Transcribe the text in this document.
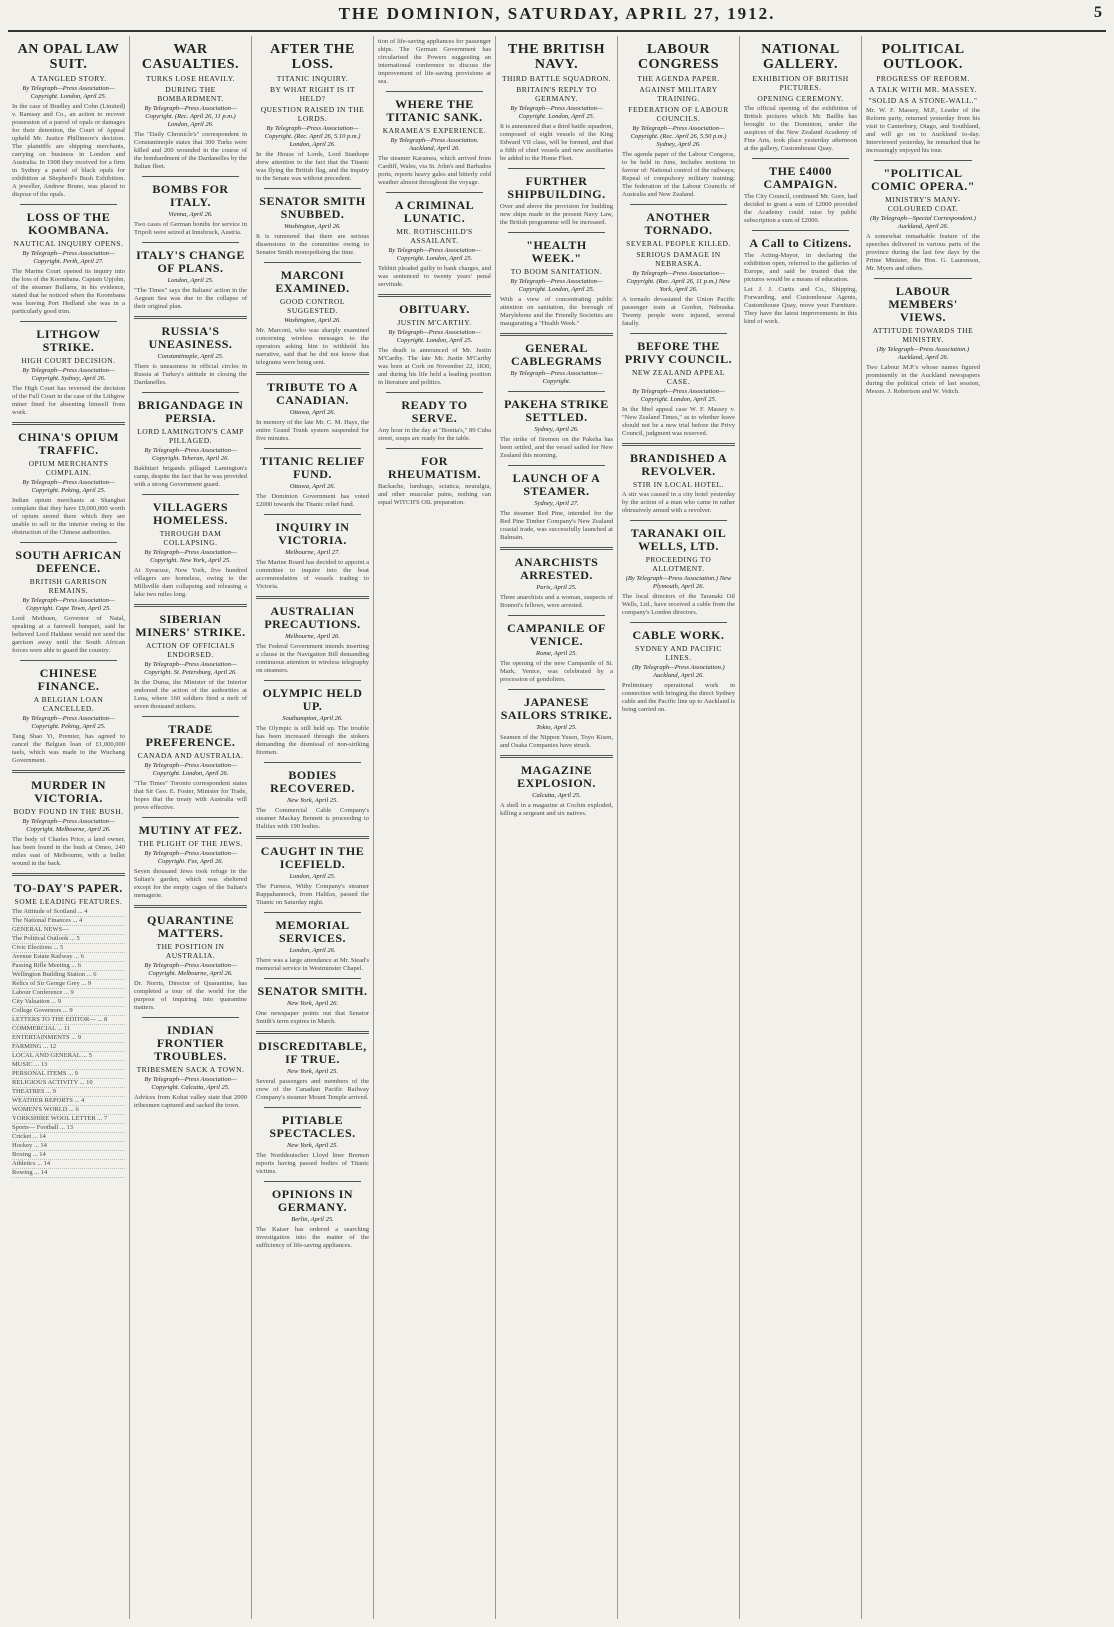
THE DOMINION, SATURDAY, APRIL 27, 1912.	5
AN OPAL LAW SUIT.
A TANGLED STORY.
By Telegraph—Press Association—Copyright. London, April 25.
In the case of Bradley and Cohn (Limited) v. Ramsay and Co., an action to recover possession of a parcel of opals or damages for their detention, the Court of Appeal upheld Mr. Justice Phillimore's decision. The plaintiffs are shipping merchants, carrying on business in London and Australia. In 1908 they received for a firm in Sydney a parcel of black opals for exhibition at Shepherd's Bush Exhibition. A jeweller, Andrew Bruno, was placed to dispose of the opals.
LOSS OF THE KOOMBANA.
NAUTICAL INQUIRY OPENS.
By Telegraph—Press Association—Copyright. Perth, April 27.
The Marine Court opened its inquiry into the loss of the Koombana. Captain Upjohn, of the steamer Bullarra, in his evidence, stated that he noticed when the Koombana was leaving Port Hedland she was in a particularly good trim.
LITHGOW STRIKE.
HIGH COURT DECISION.
By Telegraph—Press Association—Copyright. Sydney, April 26.
The High Court has reversed the decision of the Full Court in the case of the Lithgow miner fined for absenting himself from work.
CHINA'S OPIUM TRAFFIC.
OPIUM MERCHANTS COMPLAIN.
By Telegraph—Press Association—Copyright. Peking, April 25.
Indian opium merchants at Shanghai complain that they have £9,000,000 worth of opium stored there which they are unable to sell in the interior owing to the obstruction of the Chinese authorities.
SOUTH AFRICAN DEFENCE.
BRITISH GARRISON REMAINS.
By Telegraph—Press Association—Copyright. Cape Town, April 25.
Lord Methuen, Governor of Natal, speaking at a farewell banquet, said he believed Lord Haldane would not send the garrison away until the South African forces were able to guard the country.
CHINESE FINANCE.
A BELGIAN LOAN CANCELLED.
By Telegraph—Press Association—Copyright. Peking, April 25.
Tang Shao Yi, Premier, has agreed to cancel the Belgian loan of £1,000,000 taels, which was made to the Wuchang Government.
MURDER IN VICTORIA.
BODY FOUND IN THE BUSH.
By Telegraph—Press Association—Copyright. Melbourne, April 26.
The body of Charles Price, a land owner, has been found in the bush at Omeo, 240 miles east of Melbourne, with a bullet wound in the back.
TO-DAY'S PAPER.
SOME LEADING FEATURES.
The Attitude of Scotland ... 4
The National Finances ... 4
GENERAL NEWS—
The Political Outlook ... 5
Civic Elections ... 5
Avenue Estate Railway ... 6
Passing Rifle Meeting ... 6
Wellington Building Station ... 6
Relics of Sir George Grey ... 9
Labour Conference ... 9
City Valuation ... 9
College Governors ... 9
LETTERS TO THE EDITOR— ... 8
COMMERCIAL ... 11
ENTERTAINMENTS ... 9
FARMING ... 12
LOCAL AND GENERAL ... 5
MUSIC ... 13
PERSONAL ITEMS ... 9
RELIGIOUS ACTIVITY ... 10
THEATRES ... 9
WEATHER REPORTS ... 4
WOMEN'S WORLD ... 6
YORKSHIRE WOOL LETTER ... 7
Sports— Football ... 13
Cricket ... 14
Hockey ... 14
Boxing ... 14
Athletics ... 14
Rowing ... 14
WAR CASUALTIES.
TURKS LOSE HEAVILY.
DURING THE BOMBARDMENT.
By Telegraph—Press Association—Copyright. (Rec. April 26, 11 p.m.) London, April 26.
The "Daily Chronicle's" correspondent in Constantinople states that 300 Turks were killed and 200 wounded in the course of the bombardment of the Dardanelles by the Italian fleet.
BOMBS FOR ITALY.
Vienna, April 26.
Two cases of German bombs for service in Tripoli were seized at Innsbruck, Austria.
ITALY'S CHANGE OF PLANS.
London, April 25.
"The Times" says the Italians' action in the Aegean Sea was due to the collapse of their original plan.
RUSSIA'S UNEASINESS.
Constantinople, April 25.
There is uneasiness in official circles in Russia at Turkey's attitude in closing the Dardanelles.
BRIGANDAGE IN PERSIA.
LORD LAMINGTON'S CAMP PILLAGED.
By Telegraph—Press Association—Copyright. Teheran, April 26.
Bakhtiari brigands pillaged Lamington's camp, despite the fact that he was provided with a strong Government guard.
VILLAGERS HOMELESS.
THROUGH DAM COLLAPSING.
By Telegraph—Press Association—Copyright. New York, April 25.
At Syracuse, New York, five hundred villagers are homeless, owing to the Millsville dam collapsing and releasing a lake two miles long.
SIBERIAN MINERS' STRIKE.
ACTION OF OFFICIALS ENDORSED.
By Telegraph—Press Association—Copyright. St. Petersburg, April 26.
In the Duma, the Minister of the Interior endorsed the action of the authorities at Lena, where 160 soldiers fired a mob of seven thousand strikers.
TRADE PREFERENCE.
CANADA AND AUSTRALIA.
By Telegraph—Press Association—Copyright. London, April 26.
"The Times" Toronto correspondent states that Sir Geo. E. Foster, Minister for Trade, hopes that the treaty with Australia will prove effective.
MUTINY AT FEZ.
THE PLIGHT OF THE JEWS.
By Telegraph—Press Association—Copyright. Fez, April 26.
Seven thousand Jews took refuge in the Sultan's garden, which was sheltered except for the empty cages of the Sultan's menagerie.
QUARANTINE MATTERS.
THE POSITION IN AUSTRALIA.
By Telegraph—Press Association—Copyright. Melbourne, April 26.
Dr. Norris, Director of Quarantine, has completed a tour of the world for the purpose of inquiring into quarantine matters.
INDIAN FRONTIER TROUBLES.
TRIBESMEN SACK A TOWN.
By Telegraph—Press Association—Copyright. Calcutta, April 25.
Advices from Kohat valley state that 2000 tribesmen captured and sacked the town.
AFTER THE LOSS.
TITANIC INQUIRY.
BY WHAT RIGHT IS IT HELD?
QUESTION RAISED IN THE LORDS.
By Telegraph—Press Association—Copyright. (Rec. April 26, 5.10 p.m.) London, April 26.
In the House of Lords, Lord Stanhope drew attention to the fact that the Titanic was flying the British flag, and the inquiry in the Senate was without precedent.
SENATOR SMITH SNUBBED.
Washington, April 26.
It is rumoured that there are serious dissensions in the committee owing to Senator Smith monopolising the time.
MARCONI EXAMINED.
GOOD CONTROL SUGGESTED.
Washington, April 26.
Mr. Marconi, who was sharply examined concerning wireless messages to the operators asking him to withhold his narrative, said that he did not know that telegrams were being sent.
TRIBUTE TO A CANADIAN.
Ottawa, April 26.
In memory of the late Mr. C. M. Hays, the entire Grand Trunk system suspended for five minutes.
TITANIC RELIEF FUND.
Ottawa, April 26.
The Dominion Government has voted £2000 towards the Titanic relief fund.
INQUIRY IN VICTORIA.
Melbourne, April 27.
The Marine Board has decided to appoint a committee to inquire into the boat accommodation of vessels trading to Victoria.
AUSTRALIAN PRECAUTIONS.
Melbourne, April 26.
The Federal Government intends inserting a clause in the Navigation Bill demanding continuous attention to wireless telegraphy on steamers.
OLYMPIC HELD UP.
Southampton, April 26.
The Olympic is still held up. The trouble has been increased through the stokers demanding the dismissal of non-striking firemen.
BODIES RECOVERED.
New York, April 25.
The Commercial Cable Company's steamer Mackay Bennett is proceeding to Halifax with 190 bodies.
CAUGHT IN THE ICEFIELD.
London, April 25.
The Furness, Withy Company's steamer Rappahannock, from Halifax, passed the Titanic on Saturday night.
MEMORIAL SERVICES.
London, April 26.
There was a large attendance at Mr. Stead's memorial service in Westminster Chapel.
SENATOR SMITH.
New York, April 26.
One newspaper points out that Senator Smith's term expires in March.
DISCREDITABLE, IF TRUE.
New York, April 25.
Several passengers and members of the crew of the Canadian Pacific Railway Company's steamer Mount Temple arrived.
PITIABLE SPECTACLES.
New York, April 25.
The Norddeutscher Lloyd liner Bremen reports having passed bodies of Titanic victims.
OPINIONS IN GERMANY.
Berlin, April 25.
The Kaiser has ordered a searching investigation into the matter of the sufficiency of life-saving appliances.
tion of life-saving appliances for passenger ships. The German Government has circularised the Powers suggesting an international conference to discuss the improvement of life-saving provisions at sea.
WHERE THE TITANIC SANK.
KARAMEA'S EXPERIENCE.
By Telegraph—Press Association. Auckland, April 26.
The steamer Karamea, which arrived from Cardiff, Wales, via St. John's and Barbados ports, reports heavy gales and bitterly cold weather almost throughout the voyage.
A CRIMINAL LUNATIC.
MR. ROTHSCHILD'S ASSAILANT.
By Telegraph—Press Association—Copyright. London, April 25.
Tebbitt pleaded guilty to bank charges, and was sentenced to twenty years' penal servitude.
OBITUARY.
JUSTIN M'CARTHY.
By Telegraph—Press Association—Copyright. London, April 25.
The death is announced of Mr. Justin M'Carthy. The late Mr. Justin M'Carthy was born at Cork on November 22, 1830, and during his life held a leading position in literature and politics.
READY TO SERVE.
Any hour in the day at "Bonita's," 89 Cuba street, soups are ready for the table.
FOR RHEUMATISM.
Backache, lumbago, sciatica, neuralgia, and other muscular pains, nothing can equal WITCH'S OIL preparation.
THE BRITISH NAVY.
THIRD BATTLE SQUADRON.
BRITAIN'S REPLY TO GERMANY.
By Telegraph—Press Association—Copyright. London, April 25.
It is announced that a third battle squadron, composed of eight vessels of the King Edward VII class, will be formed, and that a fifth of chief vessels and new auxiliaries be added to the Home Fleet.
FURTHER SHIPBUILDING.
Over and above the provision for building new ships made in the present Navy Law, the British programme will be increased.
"HEALTH WEEK."
TO BOOM SANITATION.
By Telegraph—Press Association—Copyright. London, April 25.
With a view of concentrating public attention on sanitation, the borough of Marylebone and the Friendly Societies are inaugurating a "Health Week."
GENERAL CABLEGRAMS
By Telegraph—Press Association—Copyright.
PAKEHA STRIKE SETTLED.
Sydney, April 26.
The strike of firemen on the Pakeha has been settled, and the vessel sailed for New Zealand this morning.
LAUNCH OF A STEAMER.
Sydney, April 27.
The steamer Red Pine, intended for the Red Pine Timber Company's New Zealand coastal trade, was successfully launched at Balmain.
ANARCHISTS ARRESTED.
Paris, April 25.
Three anarchists and a woman, suspects of Bonnot's fellows, were arrested.
CAMPANILE OF VENICE.
Rome, April 25.
The opening of the new Campanile of St. Mark, Venice, was celebrated by a procession of gondoliers.
JAPANESE SAILORS STRIKE.
Tokio, April 25.
Seamen of the Nippon Yusen, Toyo Kisen, and Osaka Companies have struck.
MAGAZINE EXPLOSION.
Calcutta, April 25.
A shell in a magazine at Cochin exploded, killing a sergeant and six natives.
LABOUR CONGRESS
THE AGENDA PAPER.
AGAINST MILITARY TRAINING.
FEDERATION OF LABOUR COUNCILS.
By Telegraph—Press Association—Copyright. (Rec. April 26, 5.50 p.m.) Sydney, April 26.
The agenda paper of the Labour Congress, to be held in June, includes motions in favour of: National control of the railways; Repeal of compulsory military training; The federation of the Labour Councils of Australia and New Zealand.
ANOTHER TORNADO.
SEVERAL PEOPLE KILLED.
SERIOUS DAMAGE IN NEBRASKA.
By Telegraph—Press Association—Copyright. (Rec. April 26, 11 p.m.) New York, April 26.
A tornado devastated the Union Pacific passenger train at Gordon, Nebraska. Twenty people were injured, several fatally.
BEFORE THE PRIVY COUNCIL.
NEW ZEALAND APPEAL CASE.
By Telegraph—Press Association—Copyright. London, April 25.
In the libel appeal case W. F. Massey v. "New Zealand Times," as to whether leave should not be a new trial before the Privy Council, judgment was reserved.
BRANDISHED A REVOLVER.
STIR IN LOCAL HOTEL.
A stir was caused in a city hotel yesterday by the action of a man who came in rather obtrusively armed with a revolver.
TARANAKI OIL WELLS, LTD.
PROCEEDING TO ALLOTMENT.
(By Telegraph—Press Association.) New Plymouth, April 26.
The local directors of the Taranaki Oil Wells, Ltd., have received a cable from the company's London directors.
CABLE WORK.
SYDNEY AND PACIFIC LINES.
(By Telegraph—Press Association.) Auckland, April 26.
Preliminary operational work in connection with bringing the direct Sydney cable and the Pacific line up to Auckland is being carried on.
NATIONAL GALLERY.
EXHIBITION OF BRITISH PICTURES.
OPENING CEREMONY.
The official opening of the exhibition of British pictures which Mr. Baillie has brought to the Dominion, under the auspices of the New Zealand Academy of Fine Arts, took place yesterday afternoon at the gallery, Customhouse Quay.
THE £4000 CAMPAIGN.
The City Council, continued Mr. Gore, had decided to grant a sum of £2000 provided the Academy could raise by public subscription a sum of £2000.
A Call to Citizens.
The Acting-Mayor, in declaring the exhibition open, referred to the galleries of Europe, and said he trusted that the pictures would be a means of education.
Let J. J. Curtis and Co., Shipping, Forwarding, and Customhouse Agents, Customhouse Quay, move your Furniture. They have the latest improvements in this kind of work.
POLITICAL OUTLOOK.
PROGRESS OF REFORM.
A TALK WITH MR. MASSEY.
"SOLID AS A STONE-WALL."
Mr. W. F. Massey, M.P., Leader of the Reform party, returned yesterday from his visit to Canterbury, Otago, and Southland, and will go on to Auckland to-day. Interviewed yesterday, he remarked that he increasingly enjoyed his tour.
"POLITICAL COMIC OPERA."
MINISTRY'S MANY-COLOURED COAT.
(By Telegraph—Special Correspondent.) Auckland, April 26.
A somewhat remarkable feature of the speeches delivered in various parts of the province during the last few days by the Prime Minister, the Hon. G. Laurenson, Mr. Myers and others.
LABOUR MEMBERS' VIEWS.
ATTITUDE TOWARDS THE MINISTRY.
(By Telegraph—Press Association.) Auckland, April 26.
Two Labour M.P.'s whose names figured prominently in the Auckland newspapers during the political crisis of last session, Messrs. J. Robertson and W. Veitch.
